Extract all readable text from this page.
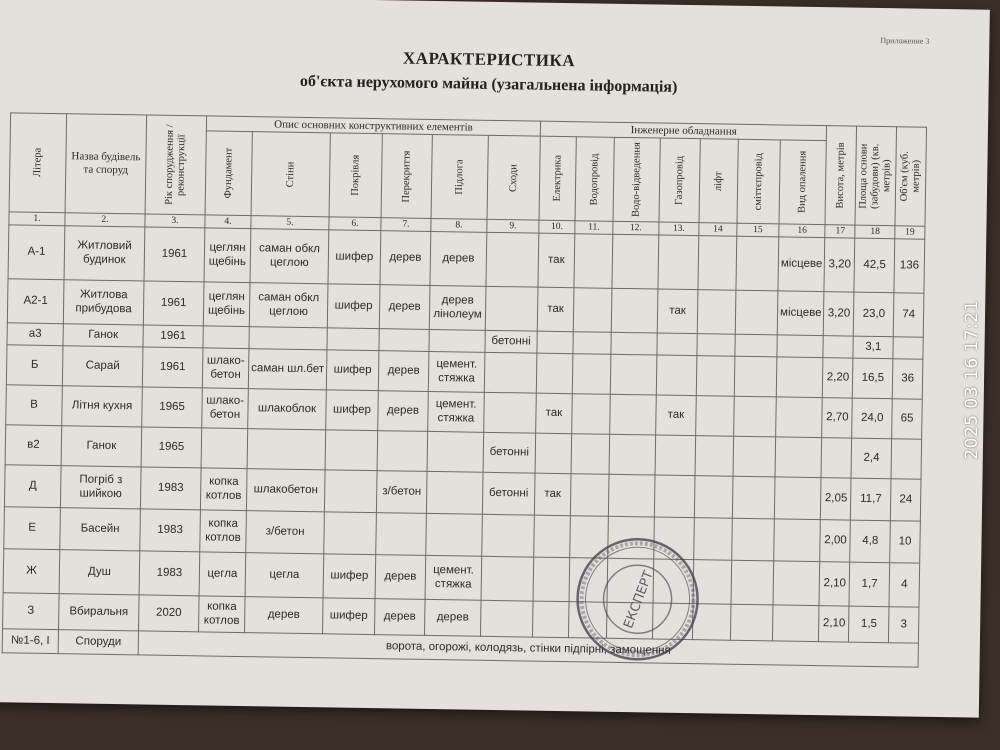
Приложение 3
ХАРАКТЕРИСТИКА
об'єкта нерухомого майна (узагальнена інформація)
Літера	Назва будівель та споруд	Рік спорудження / реконструкції	Опис основних конструктивних елементів						Інженерне обладнання							Висота, метрів	Площа основи (забудови) (кв. метрів)	Об'єм (куб. метрів)

			Фундамент	Стіни	Покрівля	Перекриття	Підлога	Сходи	Електрика	Водопровід	Водо-відведення	Газопровід	ліфт	сміттєпровід	Вид опалення			

1.	2.	3.	4.	5.	6.	7.	8.	9.	10.	11.	12.	13.	14	15	16	17	18	19
А-1	Житловий будинок	1961	цеглян щебінь	саман обкл цеглою	шифер	дерев	дерев		так						місцеве	3,20	42,5	136
А2-1	Житлова прибудова	1961	цеглян щебінь	саман обкл цеглою	шифер	дерев	дерев лінолеум		так			так			місцеве	3,20	23,0	74
а3	Ганок	1961						бетонні									3,1	
Б	Сарай	1961	шлако-бетон	саман шл.бет	шифер	дерев	цемент. стяжка									2,20	16,5	36
В	Літня кухня	1965	шлако-бетон	шлакоблок	шифер	дерев	цемент. стяжка		так			так				2,70	24,0	65
в2	Ганок	1965						бетонні									2,4	
Д	Погріб з шийкою	1983	копка котлов	шлакобетон		з/бетон		бетонні	так							2,05	11,7	24
Е	Басейн	1983	копка котлов	з/бетон												2,00	4,8	10
Ж	Душ	1983	цегла	цегла	шифер	дерев	цемент. стяжка									2,10	1,7	4
З	Вбиральня	2020	копка котлов	дерев	шифер	дерев	дерев									2,10	1,5	3
№1-6, І	Споруди	ворота, огорожі, колодязь, стінки підпірні, замощення																
ЕКСПЕРТ
2025 03 16 17:21
